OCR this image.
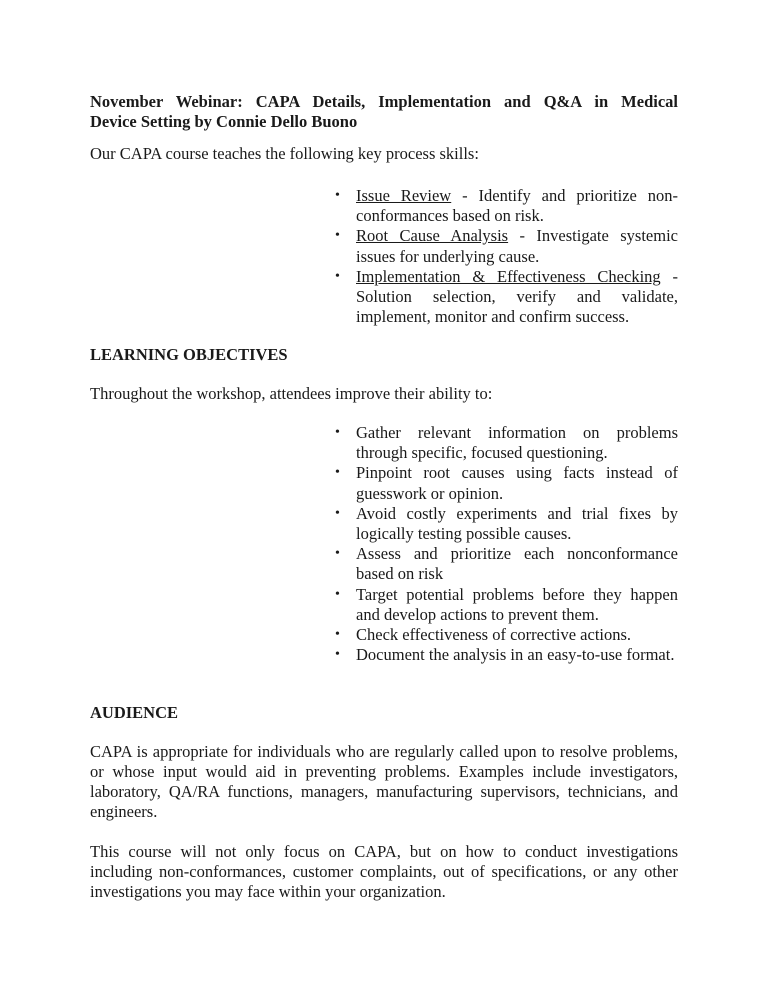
November Webinar: CAPA Details, Implementation and Q&A in Medical
Device Setting by Connie Dello Buono

Our CAPA course teaches the following key process skills:

• Issue Review - Identify and prioritize non-conformances based on risk.
• Root Cause Analysis - Investigate systemic issues for underlying cause.
• Implementation & Effectiveness Checking - Solution selection, verify and validate, implement, monitor and confirm success.
LEARNING OBJECTIVES

Throughout the workshop, attendees improve their ability to:

• Gather relevant information on problems through specific, focused questioning.
• Pinpoint root causes using facts instead of guesswork or opinion.
• Avoid costly experiments and trial fixes by logically testing possible causes.
• Assess and prioritize each nonconformance based on risk
• Target potential problems before they happen and develop actions to prevent them.
• Check effectiveness of corrective actions.
• Document the analysis in an easy-to-use format.
AUDIENCE

CAPA is appropriate for individuals who are regularly called upon to resolve problems, or whose input would aid in preventing problems. Examples include investigators, laboratory, QA/RA functions, managers, manufacturing supervisors, technicians, and engineers.

This course will not only focus on CAPA, but on how to conduct investigations including non-conformances, customer complaints, out of specifications, or any other investigations you may face within your organization.
